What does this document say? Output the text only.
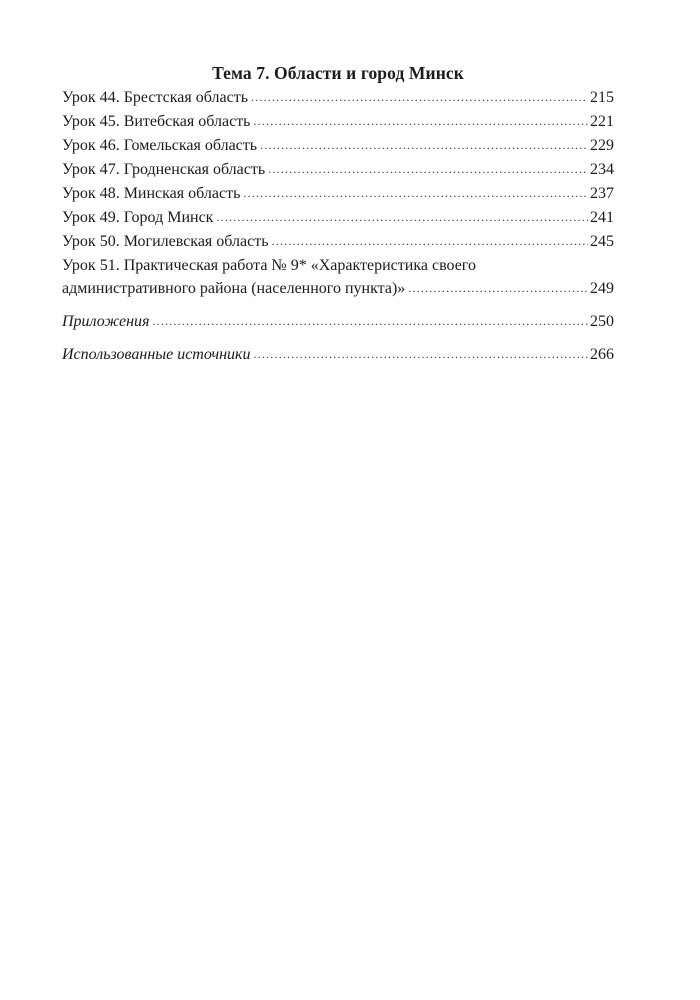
Тема 7. Области и город Минск
Урок 44. Брестская область .....	215
Урок 45. Витебская область .....	221
Урок 46. Гомельская область .....	229
Урок 47. Гродненская область .....	234
Урок 48. Минская область .....	237
Урок 49. Город Минск .....	241
Урок 50. Могилевская область .....	245
Урок 51. Практическая работа № 9* «Характеристика своего
административного района (населенного пункта)» .....	249
Приложения .....	250
Использованные источники .....	266
